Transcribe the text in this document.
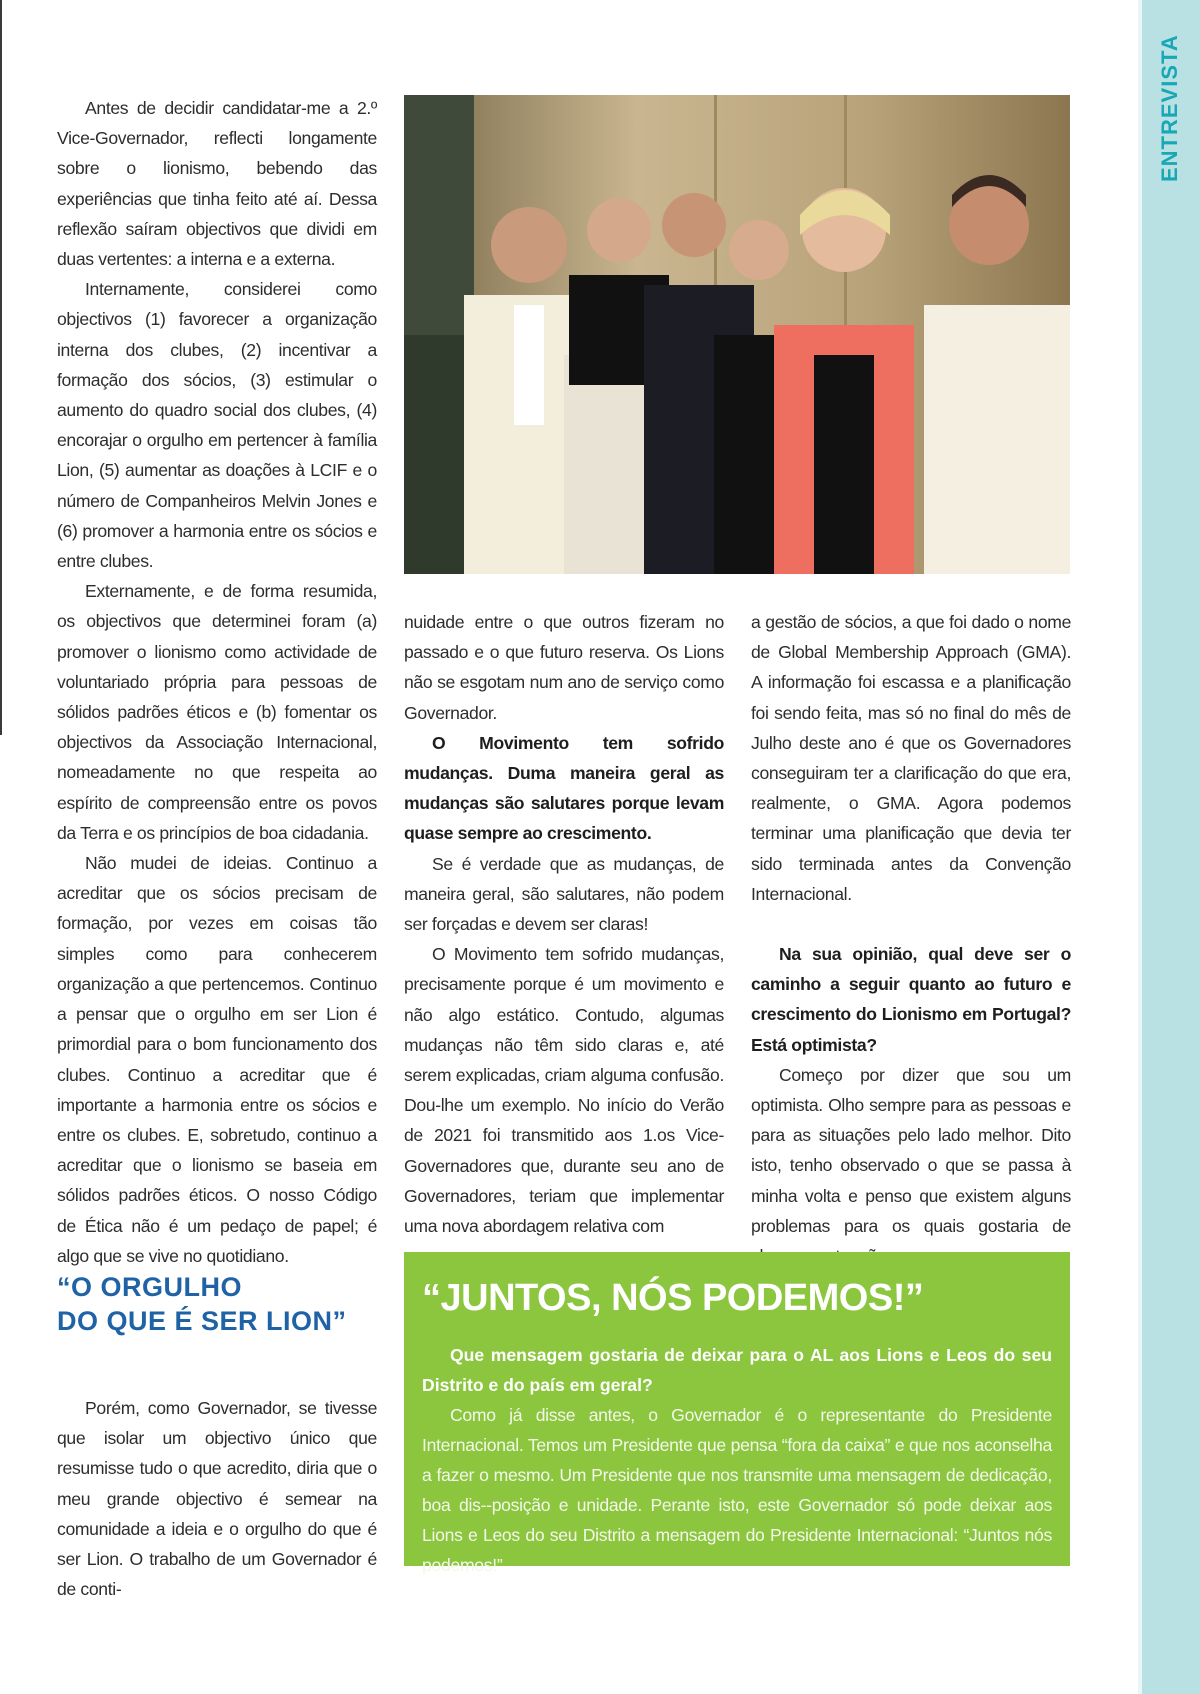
ENTREVISTA

Antes de decidir candidatar-me a 2.º Vice-Governador, reflecti longamente sobre o lionismo, bebendo das experiências que tinha feito até aí. Dessa reflexão saíram objectivos que dividi em duas vertentes: a interna e a externa.

Internamente, considerei como objectivos (1) favorecer a organização interna dos clubes, (2) incentivar a formação dos sócios, (3) estimular o aumento do quadro social dos clubes, (4) encorajar o orgulho em pertencer à família Lion, (5) aumentar as doações à LCIF e o número de Companheiros Melvin Jones e (6) promover a harmonia entre os sócios e entre clubes.

Externamente, e de forma resumida, os objectivos que determinei foram (a) promover o lionismo como actividade de voluntariado própria para pessoas de sólidos padrões éticos e (b) fomentar os objectivos da Associação Internacional, nomeadamente no que respeita ao espírito de compreensão entre os povos da Terra e os princípios de boa cidadania.

Não mudei de ideias. Continuo a acreditar que os sócios precisam de formação, por vezes em coisas tão simples como para conhecerem organização a que pertencemos. Continuo a pensar que o orgulho em ser Lion é primordial para o bom funcionamento dos clubes. Continuo a acreditar que é importante a harmonia entre os sócios e entre os clubes. E, sobretudo, continuo a acreditar que o lionismo se baseia em sólidos padrões éticos. O nosso Código de Ética não é um pedaço de papel; é algo que se vive no quotidiano.

“O ORGULHO
DO QUE É SER LION”

Porém, como Governador, se tivesse que isolar um objectivo único que resumisse tudo o que acredito, diria que o meu grande objectivo é semear na comunidade a ideia e o orgulho do que é ser Lion. O trabalho de um Governador é de conti-

nuidade entre o que outros fizeram no passado e o que futuro reserva. Os Lions não se esgotam num ano de serviço como Governador.

O Movimento tem sofrido mudanças. Duma maneira geral as mudanças são salutares porque levam quase sempre ao crescimento.

Se é verdade que as mudanças, de maneira geral, são salutares, não podem ser forçadas e devem ser claras!

O Movimento tem sofrido mudanças, precisamente porque é um movimento e não algo estático. Contudo, algumas mudanças não têm sido claras e, até serem explicadas, criam alguma confusão. Dou-lhe um exemplo. No início do Verão de 2021 foi transmitido aos 1.os Vice-Governadores que, durante seu ano de Governadores, teriam que implementar uma nova abordagem relativa com

a gestão de sócios, a que foi dado o nome de Global Membership Approach (GMA). A informação foi escassa e a planificação foi sendo feita, mas só no final do mês de Julho deste ano é que os Governadores conseguiram ter a clarificação do que era, realmente, o GMA. Agora podemos terminar uma planificação que devia ter sido terminada antes da Convenção Internacional.

Na sua opinião, qual deve ser o caminho a seguir quanto ao futuro e crescimento do Lionismo em Portugal? Está optimista?

Começo por dizer que sou um optimista. Olho sempre para as pessoas e para as situações pelo lado melhor. Dito isto, tenho observado o que se passa à minha volta e penso que existem alguns problemas para os quais gostaria de

“JUNTOS, NÓS PODEMOS!”

Que mensagem gostaria de deixar para o AL aos Lions e Leos do seu Distrito e do país em geral?

Como já disse antes, o Governador é o representante do Presidente Internacional. Temos um Presidente que pensa “fora da caixa” e que nos aconselha a fazer o mesmo. Um Presidente que nos transmite uma mensagem de dedicação, boa dis--posição e unidade. Perante isto, este Governador só pode deixar aos Lions e Leos do seu Distrito a mensagem do Presidente Internacional: “Juntos nós podemos!”
